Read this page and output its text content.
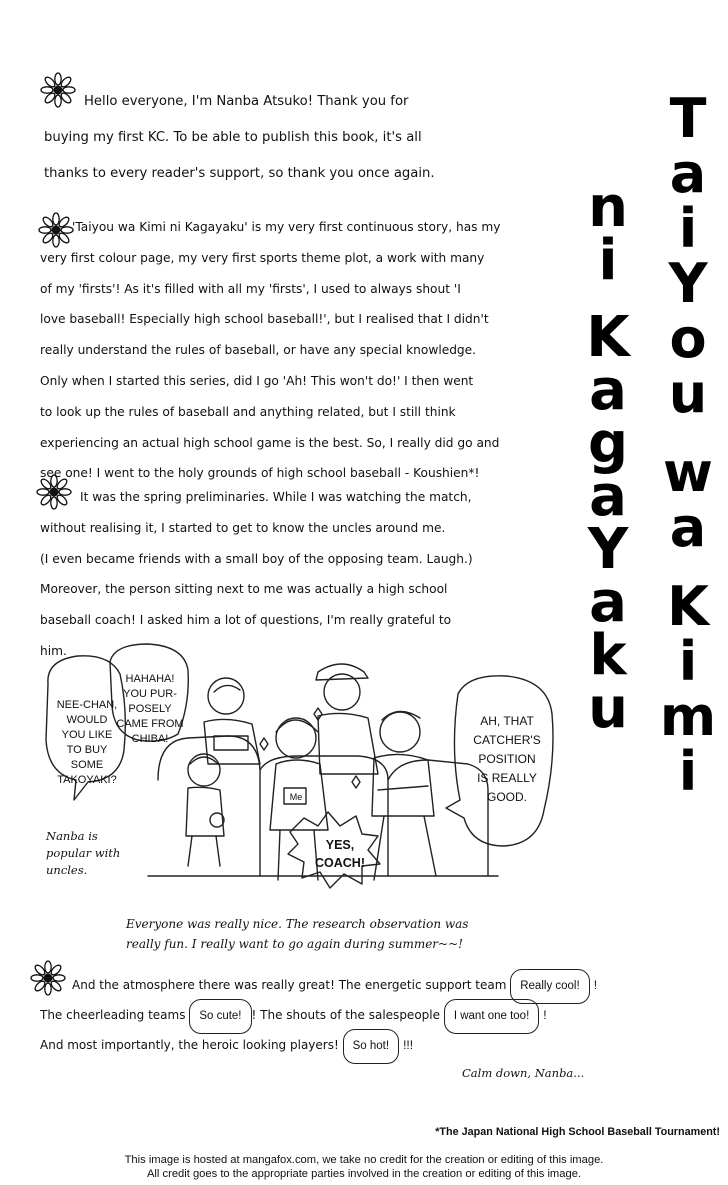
T
a
i
Y
o
u
w
a
K
i
m
i
n
i
K
a
g
a
Y
a
k
u
Hello everyone, I'm Nanba Atsuko! Thank you for
buying my first KC. To be able to publish this book, it's all
thanks to every reader's support, so thank you once again.
'Taiyou wa Kimi ni Kagayaku' is my very first continuous story, has my
very first colour page, my very first sports theme plot, a work with many
of my 'firsts'! As it's filled with all my 'firsts', I used to always shout 'I
love baseball! Especially high school baseball!', but I realised that I didn't
really understand the rules of baseball, or have any special knowledge.
Only when I started this series, did I go 'Ah! This won't do!' I then went
to look up the rules of baseball and anything related, but I still think
experiencing an actual high school game is the best. So, I really did go and
see one! I went to the holy grounds of high school baseball - Koushien*!
It was the spring preliminaries. While I was watching the match,
without realising it, I started to get to know the uncles around me.
(I even became friends with a small boy of the opposing team. Laugh.)
Moreover, the person sitting next to me was actually a high school
baseball coach! I asked him a lot of questions, I'm really grateful to
him.
NEE-CHAN,
WOULD
YOU LIKE
TO BUY
SOME
TAKOYAKI?
HAHAHA!
YOU PUR-
POSELY
CAME FROM
CHIBA!
AH, THAT
CATCHER'S
POSITION
IS REALLY
GOOD.
YES,
COACH!
Me
Nanba is
popular with
uncles.
Everyone was really nice. The research observation was
really fun. I really want to go again during summer~~!
And the atmosphere there was really great! The energetic support team Really cool! !
The cheerleading teams So cute! ! The shouts of the salespeople I want one too! !
And most importantly, the heroic looking players! So hot! !!!
Calm down, Nanba...
*The Japan National High School Baseball Tournament!
This image is hosted at mangafox.com, we take no credit for the creation or editing of this image.
All credit goes to the appropriate parties involved in the creation or editing of this image.
